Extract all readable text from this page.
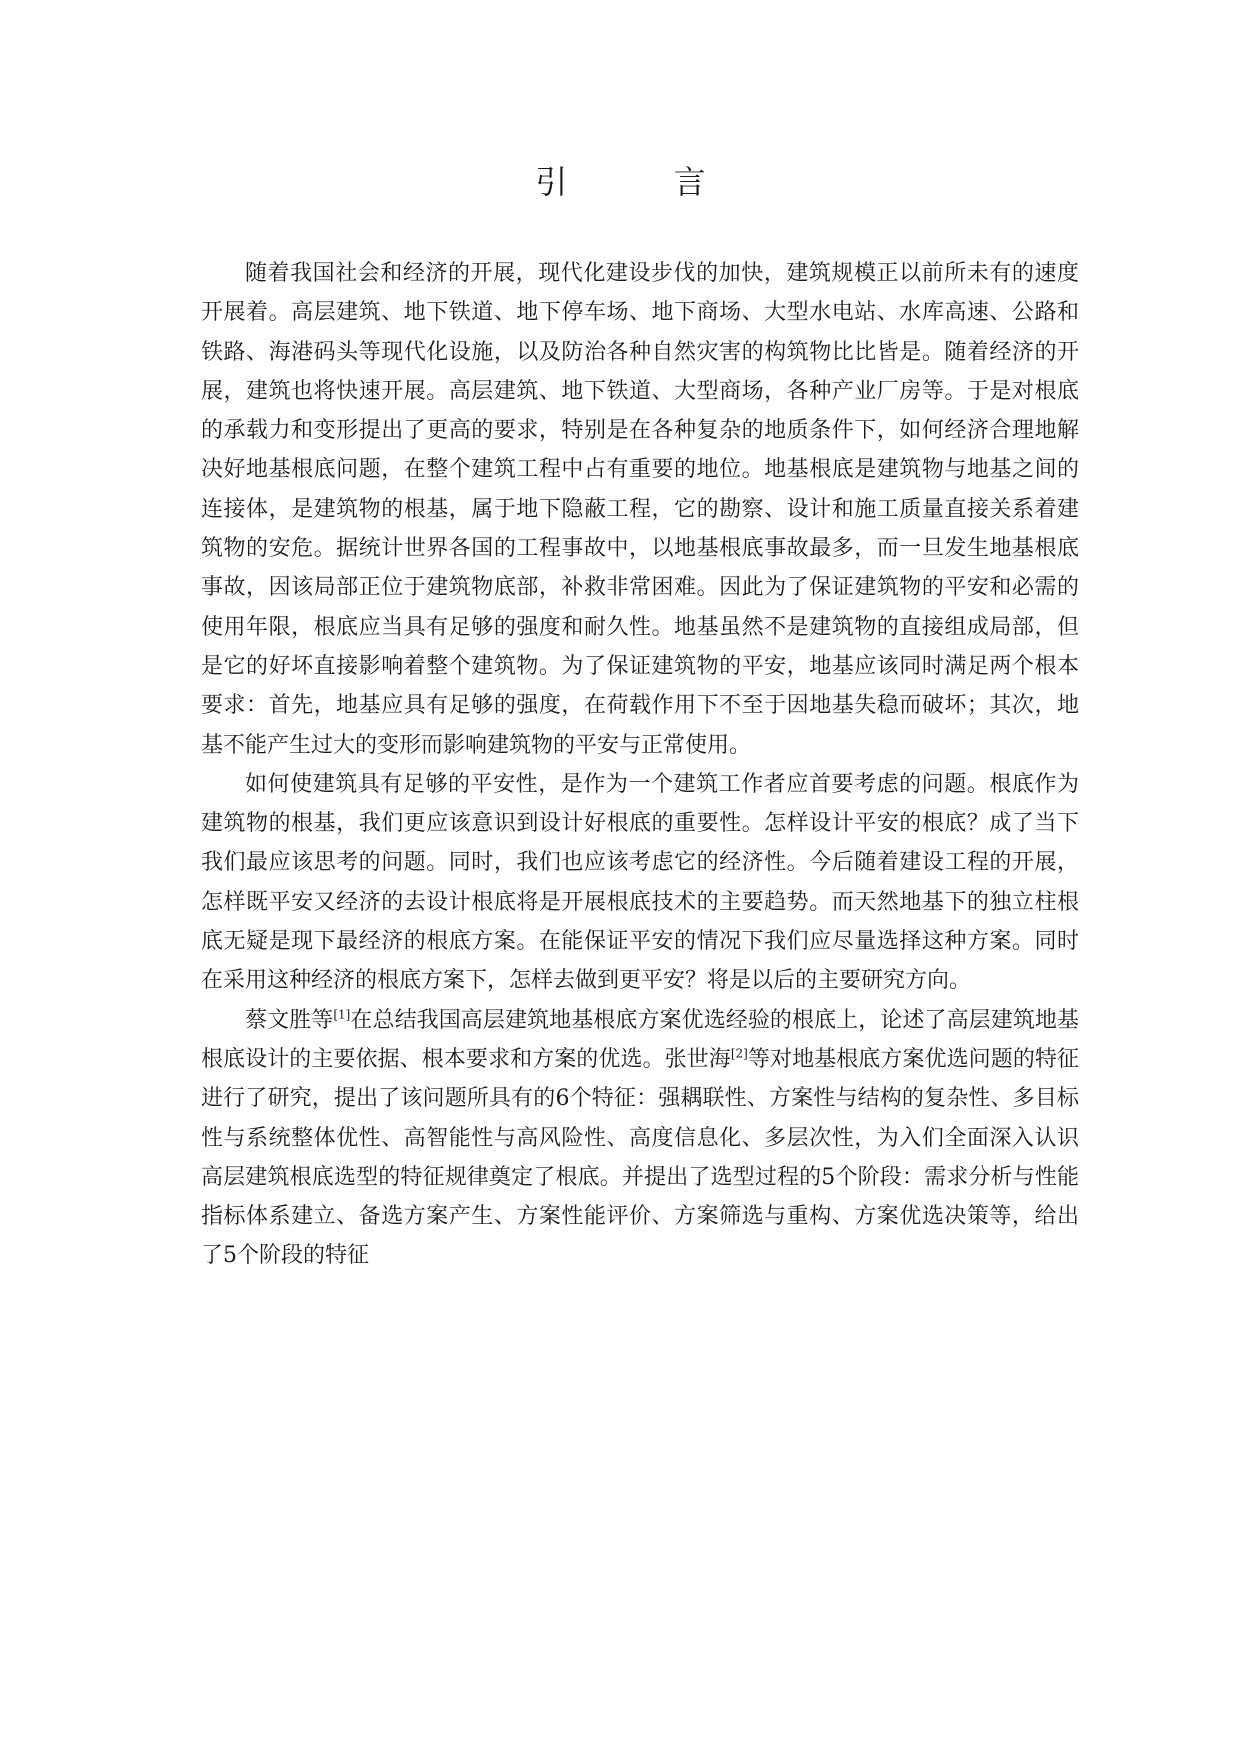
引 言

随着我国社会和经济的开展，现代化建设步伐的加快，建筑规模正以前所未有的速度开展着。高层建筑、地下铁道、地下停车场、地下商场、大型水电站、水库高速、公路和铁路、海港码头等现代化设施，以及防治各种自然灾害的构筑物比比皆是。随着经济的开展，建筑也将快速开展。高层建筑、地下铁道、大型商场，各种产业厂房等。于是对根底的承载力和变形提出了更高的要求，特别是在各种复杂的地质条件下，如何经济合理地解决好地基根底问题，在整个建筑工程中占有重要的地位。地基根底是建筑物与地基之间的连接体，是建筑物的根基，属于地下隐蔽工程，它的勘察、设计和施工质量直接关系着建筑物的安危。据统计世界各国的工程事故中，以地基根底事故最多，而一旦发生地基根底事故，因该局部正位于建筑物底部，补救非常困难。因此为了保证建筑物的平安和必需的使用年限，根底应当具有足够的强度和耐久性。地基虽然不是建筑物的直接组成局部，但是它的好坏直接影响着整个建筑物。为了保证建筑物的平安，地基应该同时满足两个根本要求：首先，地基应具有足够的强度，在荷载作用下不至于因地基失稳而破坏；其次，地基不能产生过大的变形而影响建筑物的平安与正常使用。

如何使建筑具有足够的平安性，是作为一个建筑工作者应首要考虑的问题。根底作为建筑物的根基，我们更应该意识到设计好根底的重要性。怎样设计平安的根底？成了当下我们最应该思考的问题。同时，我们也应该考虑它的经济性。今后随着建设工程的开展，怎样既平安又经济的去设计根底将是开展根底技术的主要趋势。而天然地基下的独立柱根底无疑是现下最经济的根底方案。在能保证平安的情况下我们应尽量选择这种方案。同时在采用这种经济的根底方案下，怎样去做到更平安？将是以后的主要研究方向。

蔡文胜等[1]在总结我国高层建筑地基根底方案优选经验的根底上，论述了高层建筑地基根底设计的主要依据、根本要求和方案的优选。张世海[2]等对地基根底方案优选问题的特征进行了研究，提出了该问题所具有的6个特征：强耦联性、方案性与结构的复杂性、多目标性与系统整体优性、高智能性与高风险性、高度信息化、多层次性，为入们全面深入认识高层建筑根底选型的特征规律奠定了根底。并提出了选型过程的5个阶段：需求分析与性能指标体系建立、备选方案产生、方案性能评价、方案筛选与重构、方案优选决策等，给出了5个阶段的特征
